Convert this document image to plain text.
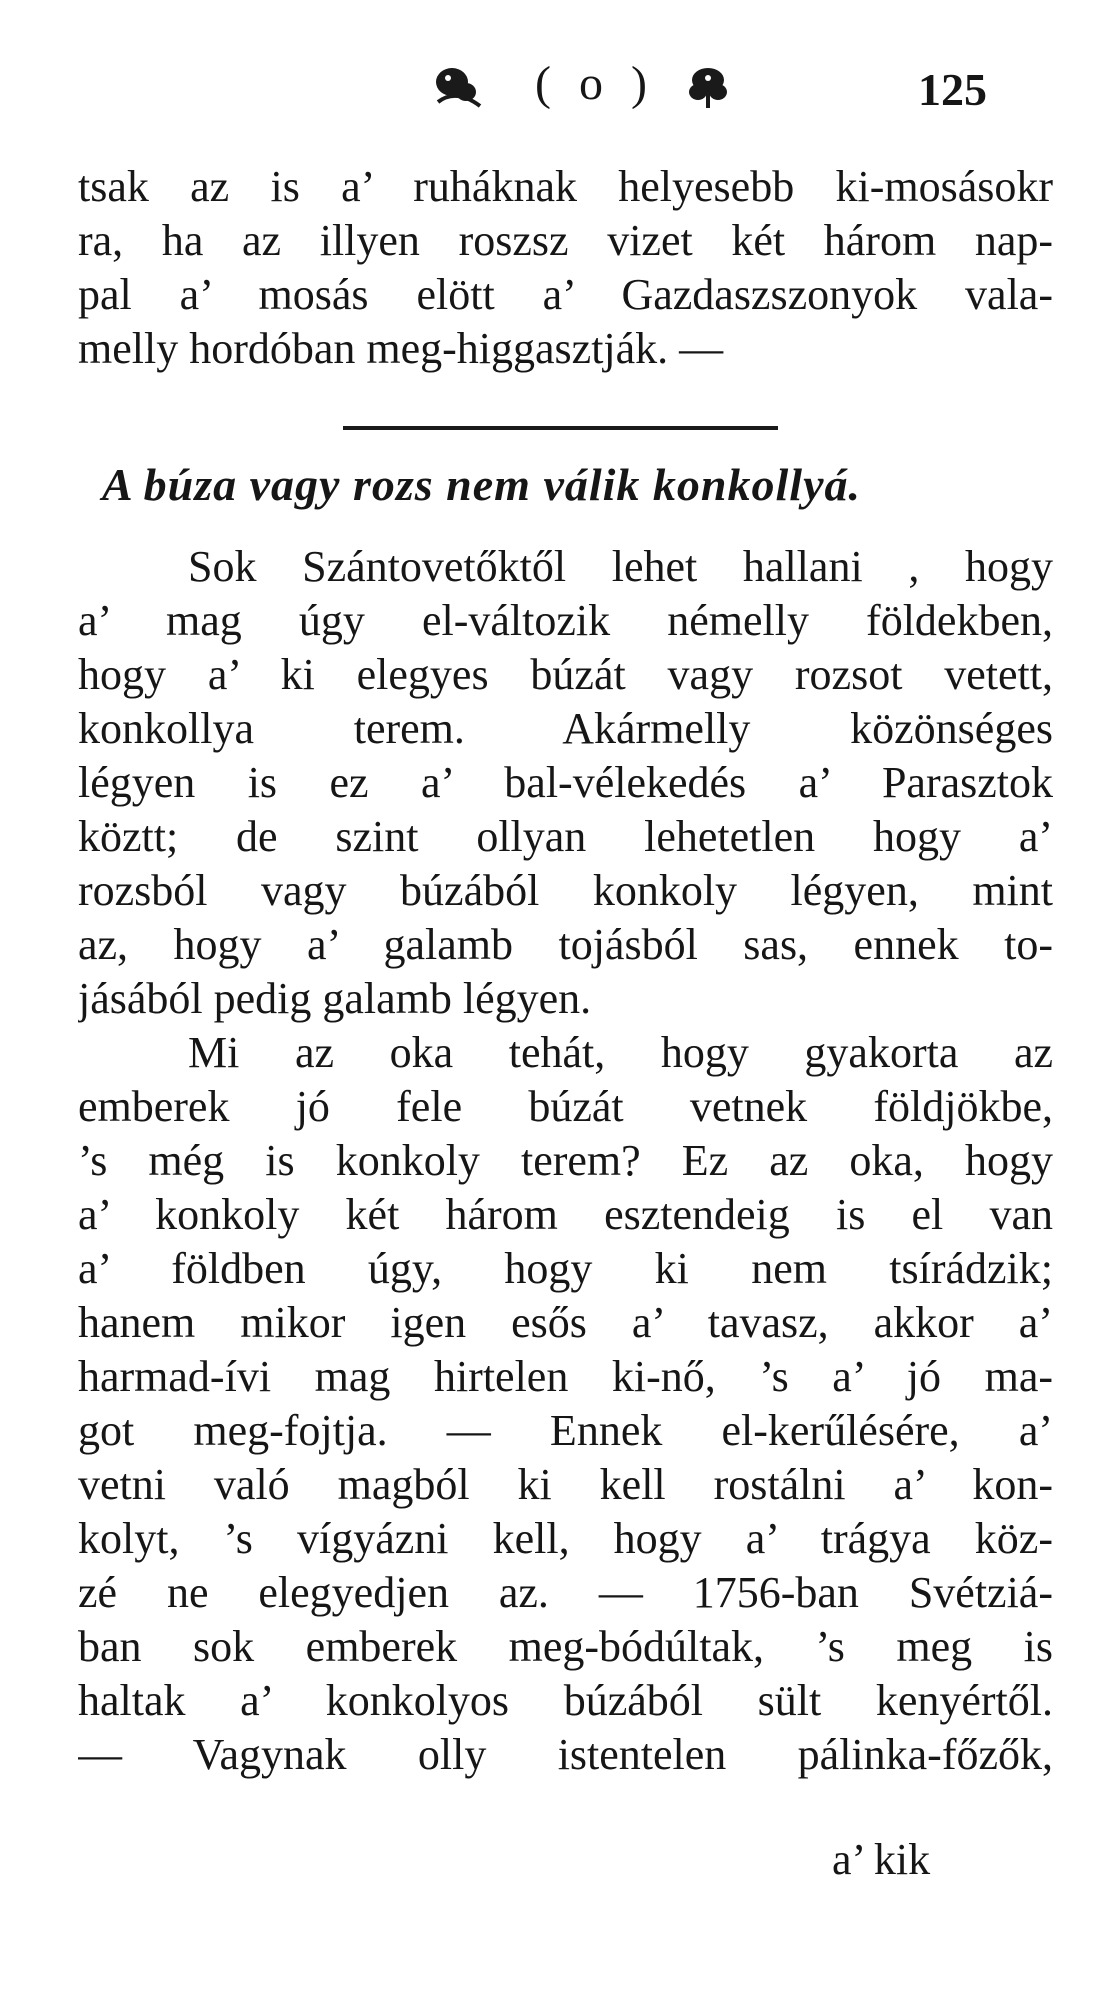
( o )	125
tsak az is a’ ruháknak helyesebb ki-mosásokr
ra, ha az illyen roszsz vizet két három nap-
pal a’ mosás elött a’ Gazdaszszonyok vala-
melly hordóban meg-higgasztják. —
A búza vagy rozs nem válik konkollyá.
Sok Szántovetőktől lehet hallani , hogy
a’ mag úgy el-változik némelly földekben,
hogy a’ ki elegyes búzát vagy rozsot vetett,
konkollya terem. Akármelly közönséges
légyen is ez a’ bal-vélekedés a’ Parasztok
köztt; de szint ollyan lehetetlen hogy a’
rozsból vagy búzából konkoly légyen, mint
az, hogy a’ galamb tojásból sas, ennek to-
jásából pedig galamb légyen.
Mi az oka tehát, hogy gyakorta az
emberek jó fele búzát vetnek földjökbe,
’s még is konkoly terem? Ez az oka, hogy
a’ konkoly két három esztendeig is el van
a’ földben úgy, hogy ki nem tsírádzik;
hanem mikor igen esős a’ tavasz, akkor a’
harmad-ívi mag hirtelen ki-nő, ’s a’ jó ma-
got meg-fojtja. — Ennek el-kerűlésére, a’
vetni való magból ki kell rostálni a’ kon-
kolyt, ’s vígyázni kell, hogy a’ trágya köz-
zé ne elegyedjen az. — 1756-ban Svétziá-
ban sok emberek meg-bódúltak, ’s meg is
haltak a’ konkolyos búzából sült kenyértől.
— Vagynak olly istentelen pálinka-főzők,
a’ kik
